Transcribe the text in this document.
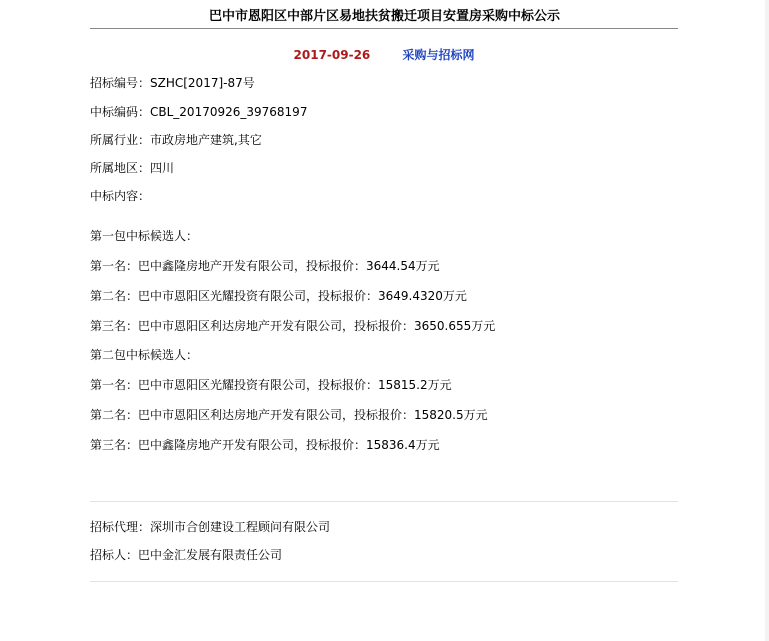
巴中市恩阳区中部片区易地扶贫搬迁项目安置房采购中标公示
2017-09-26	采购与招标网
招标编号：SZHC[2017]-87号
中标编码：CBL_20170926_39768197
所属行业：市政房地产建筑,其它
所属地区：四川
中标内容：
第一包中标候选人：
第一名：巴中鑫隆房地产开发有限公司，投标报价：3644.54万元
第二名：巴中市恩阳区光耀投资有限公司，投标报价：3649.4320万元
第三名：巴中市恩阳区利达房地产开发有限公司，投标报价：3650.655万元
第二包中标候选人：
第一名：巴中市恩阳区光耀投资有限公司，投标报价：15815.2万元
第二名：巴中市恩阳区利达房地产开发有限公司，投标报价：15820.5万元
第三名：巴中鑫隆房地产开发有限公司，投标报价：15836.4万元
招标代理：深圳市合创建设工程顾问有限公司
招标人：巴中金汇发展有限责任公司
